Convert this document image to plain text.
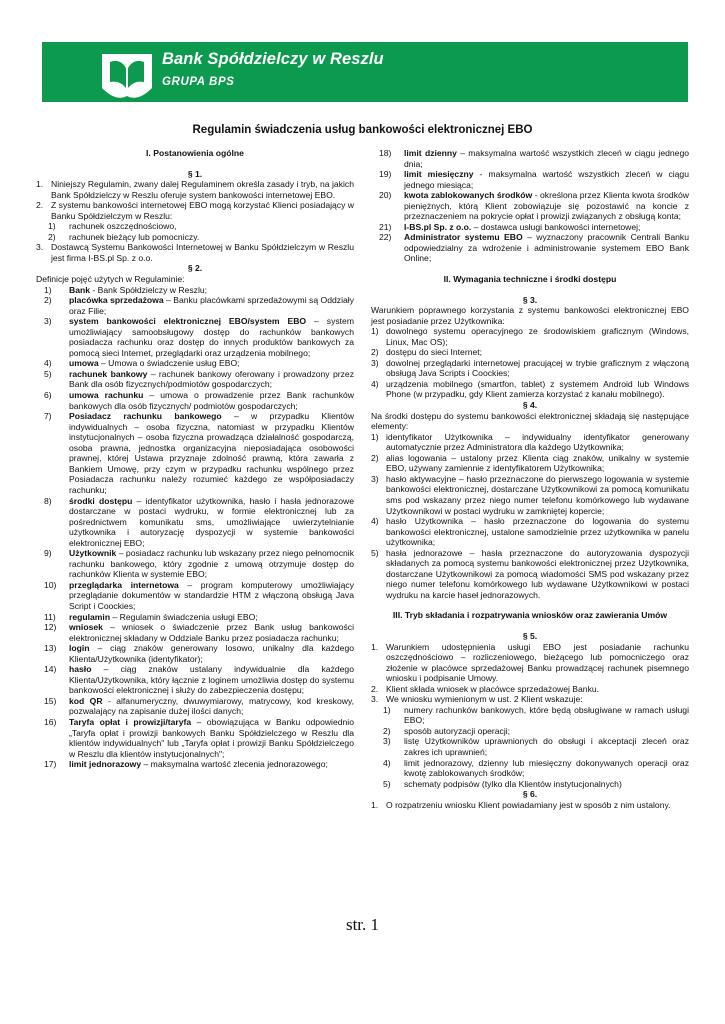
Bank Spółdzielczy w Reszlu
GRUPA BPS
Regulamin świadczenia usług bankowości elektronicznej EBO
I. Postanowienia ogólne
§ 1.
1. Niniejszy Regulamin, zwany dalej Regulaminem określa zasady i tryb, na jakich Bank Spółdzielczy w Reszlu oferuje system bankowości internetowej EBO.
2. Z systemu bankowości internetowej EBO mogą korzystać Klienci posiadający w Banku Spółdzielczym w Reszlu:
1)	rachunek oszczędnościowo,
2)	rachunek bieżący lub pomocniczy.
3. Dostawcą Systemu Bankowości Internetowej w Banku Spółdzielczym w Reszlu jest firma I-BS.pl Sp. z o.o.
§ 2.
Definicje pojęć użytych w Regulaminie:
1)	Bank - Bank Spółdzielczy w Reszlu;
2)	placówka sprzedażowa – Banku placówkami sprzedażowymi są Oddziały oraz Filie;
3)	system bankowości elektronicznej EBO/system EBO – system umożliwiający samoobsługowy dostęp do rachunków bankowych posiadacza rachunku oraz dostęp do innych produktów bankowych za pomocą sieci Internet, przeglądarki oraz urządzenia mobilnego;
4)	umowa – Umowa o świadczenie usług EBO;
5)	rachunek bankowy – rachunek bankowy oferowany i prowadzony przez Bank dla osób fizycznych/podmiotów gospodarczych;
6)	umowa rachunku – umowa o prowadzenie przez Bank rachunków bankowych dla osób fizycznych/ podmiotów gospodarczych;
7)	Posiadacz rachunku bankowego – w przypadku Klientów indywidualnych – osoba fizyczna, natomiast w przypadku Klientów instytucjonalnych – osoba fizyczna prowadząca działalność gospodarczą, osoba prawna, jednostka organizacyjna nieposiadająca osobowości prawnej, której Ustawa przyznaje zdolność prawną, która zawarła z Bankiem Umowę, przy czym w przypadku rachunku wspólnego przez Posiadacza rachunku należy rozumieć każdego ze współposiadaczy rachunku;
8)	środki dostępu – identyfikator użytkownika, hasło i hasła jednorazowe dostarczane w postaci wydruku, w formie elektronicznej lub za pośrednictwem komunikatu sms, umożliwiające uwierzytelnianie użytkownika i autoryzację dyspozycji w systemie bankowości elektronicznej EBO;
9)	Użytkownik – posiadacz rachunku lub wskazany przez niego pełnomocnik rachunku bankowego, który zgodnie z umową otrzymuje dostęp do rachunków Klienta w systemie EBO;
10)	przeglądarka internetowa – program komputerowy umożliwiający przeglądanie dokumentów w standardzie HTM z włączoną obsługą Java Script i Coockies;
11)	regulamin – Regulamin świadczenia usługi EBO;
12)	wniosek – wniosek o świadczenie przez Bank usług bankowości elektronicznej składany w Oddziale Banku przez posiadacza rachunku;
13)	login – ciąg znaków generowany losowo, unikalny dla każdego Klienta/Użytkownika (identyfikator);
14)	hasło – ciąg znaków ustalany indywidualnie dla każdego Klienta/Użytkownika, który łącznie z loginem umożliwia dostęp do systemu bankowości elektronicznej i służy do zabezpieczenia dostępu;
15)	kod QR - alfanumeryczny, dwuwymiarowy, matrycowy, kod kreskowy, pozwalający na zapisanie dużej ilości danych;
16)	Taryfa opłat i prowizji/taryfa – obowiązująca w Banku odpowiednio „Taryfa opłat i prowizji bankowych Banku Spółdzielczego w Reszlu dla klientów indywidualnych" lub „Taryfa opłat i prowizji Banku Spółdzielczego w Reszlu dla klientów instytucjonalnych";
17)	limit jednorazowy – maksymalna wartość zlecenia jednorazowego;
18)	limit dzienny – maksymalna wartość wszystkich zleceń w ciągu jednego dnia;
19)	limit miesięczny - maksymalna wartość wszystkich zleceń w ciągu jednego miesiąca;
20)	kwota zablokowanych środków - określona przez Klienta kwota środków pieniężnych, którą Klient zobowiązuje się pozostawić na koncie z przeznaczeniem na pokrycie opłat i prowizji związanych z obsługą konta;
21)	I-BS.pl Sp. z o.o. – dostawca usługi bankowości internetowej;
22)	Administrator systemu EBO – wyznaczony pracownik Centrali Banku odpowiedzialny za wdrożenie i administrowanie systemem EBO Bank Online;
II. Wymagania techniczne i środki dostępu
§ 3.
Warunkiem poprawnego korzystania z systemu bankowości elektronicznej EBO jest posiadanie przez Użytkownika:
1) dowolnego systemu operacyjnego ze środowiskiem graficznym (Windows, Linux, Mac OS);
2) dostępu do sieci Internet;
3) dowolnej przeglądarki internetowej pracującej w trybie graficznym z włączoną obsługą Java Scripts i Coockies;
4) urządzenia mobilnego (smartfon, tablet) z systemem Android lub Windows Phone (w przypadku, gdy Klient zamierza korzystać z kanału mobilnego).
§ 4.
Na środki dostępu do systemu bankowości elektronicznej składają się następujące elementy:
1) identyfikator Użytkownika – indywidualny identyfikator generowany automatycznie przez Administratora dla każdego Użytkownika;
2) alias logowania – ustalony przez Klienta ciąg znaków, unikalny w systemie EBO, używany zamiennie z identyfikatorem Użytkownika;
3) hasło aktywacyjne – hasło przeznaczone do pierwszego logowania w systemie bankowości elektronicznej, dostarczane Użytkownikowi za pomocą komunikatu sms pod wskazany przez niego numer telefonu komórkowego lub wydawane Użytkownikowi w postaci wydruku w zamkniętej kopercie;
4) hasło Użytkownika – hasło przeznaczone do logowania do systemu bankowości elektronicznej, ustalone samodzielnie przez użytkownika w panelu użytkownika;
5) hasła jednorazowe – hasła przeznaczone do autoryzowania dyspozycji składanych za pomocą systemu bankowości elektronicznej przez Użytkownika, dostarczane Użytkownikowi za pomocą wiadomości SMS pod wskazany przez niego numer telefonu komórkowego lub wydawane Użytkownikowi w postaci wydruku na karcie haseł jednorazowych.
III. Tryb składania i rozpatrywania wniosków oraz zawierania Umów
§ 5.
1. Warunkiem udostępnienia usługi EBO jest posiadanie rachunku oszczędnościowo – rozliczeniowego, bieżącego lub pomocniczego oraz złożenie w placówce sprzedażowej Banku prowadzącej rachunek pisemnego wniosku i podpisanie Umowy.
2. Klient składa wniosek w placówce sprzedażowej Banku.
3. We wniosku wymienionym w ust. 2 Klient wskazuje:
1)	numery rachunków bankowych, które będą obsługiwane w ramach usługi EBO;
2)	sposób autoryzacji operacji;
3)	listę Użytkowników uprawnionych do obsługi i akceptacji zleceń oraz zakres ich uprawnień;
4)	limit jednorazowy, dzienny lub miesięczny dokonywanych operacji oraz kwotę zablokowanych środków;
5)	schematy podpisów (tylko dla Klientów instytucjonalnych)
§ 6.
1. O rozpatrzeniu wniosku Klient powiadamiany jest w sposób z nim ustalony.
str. 1
